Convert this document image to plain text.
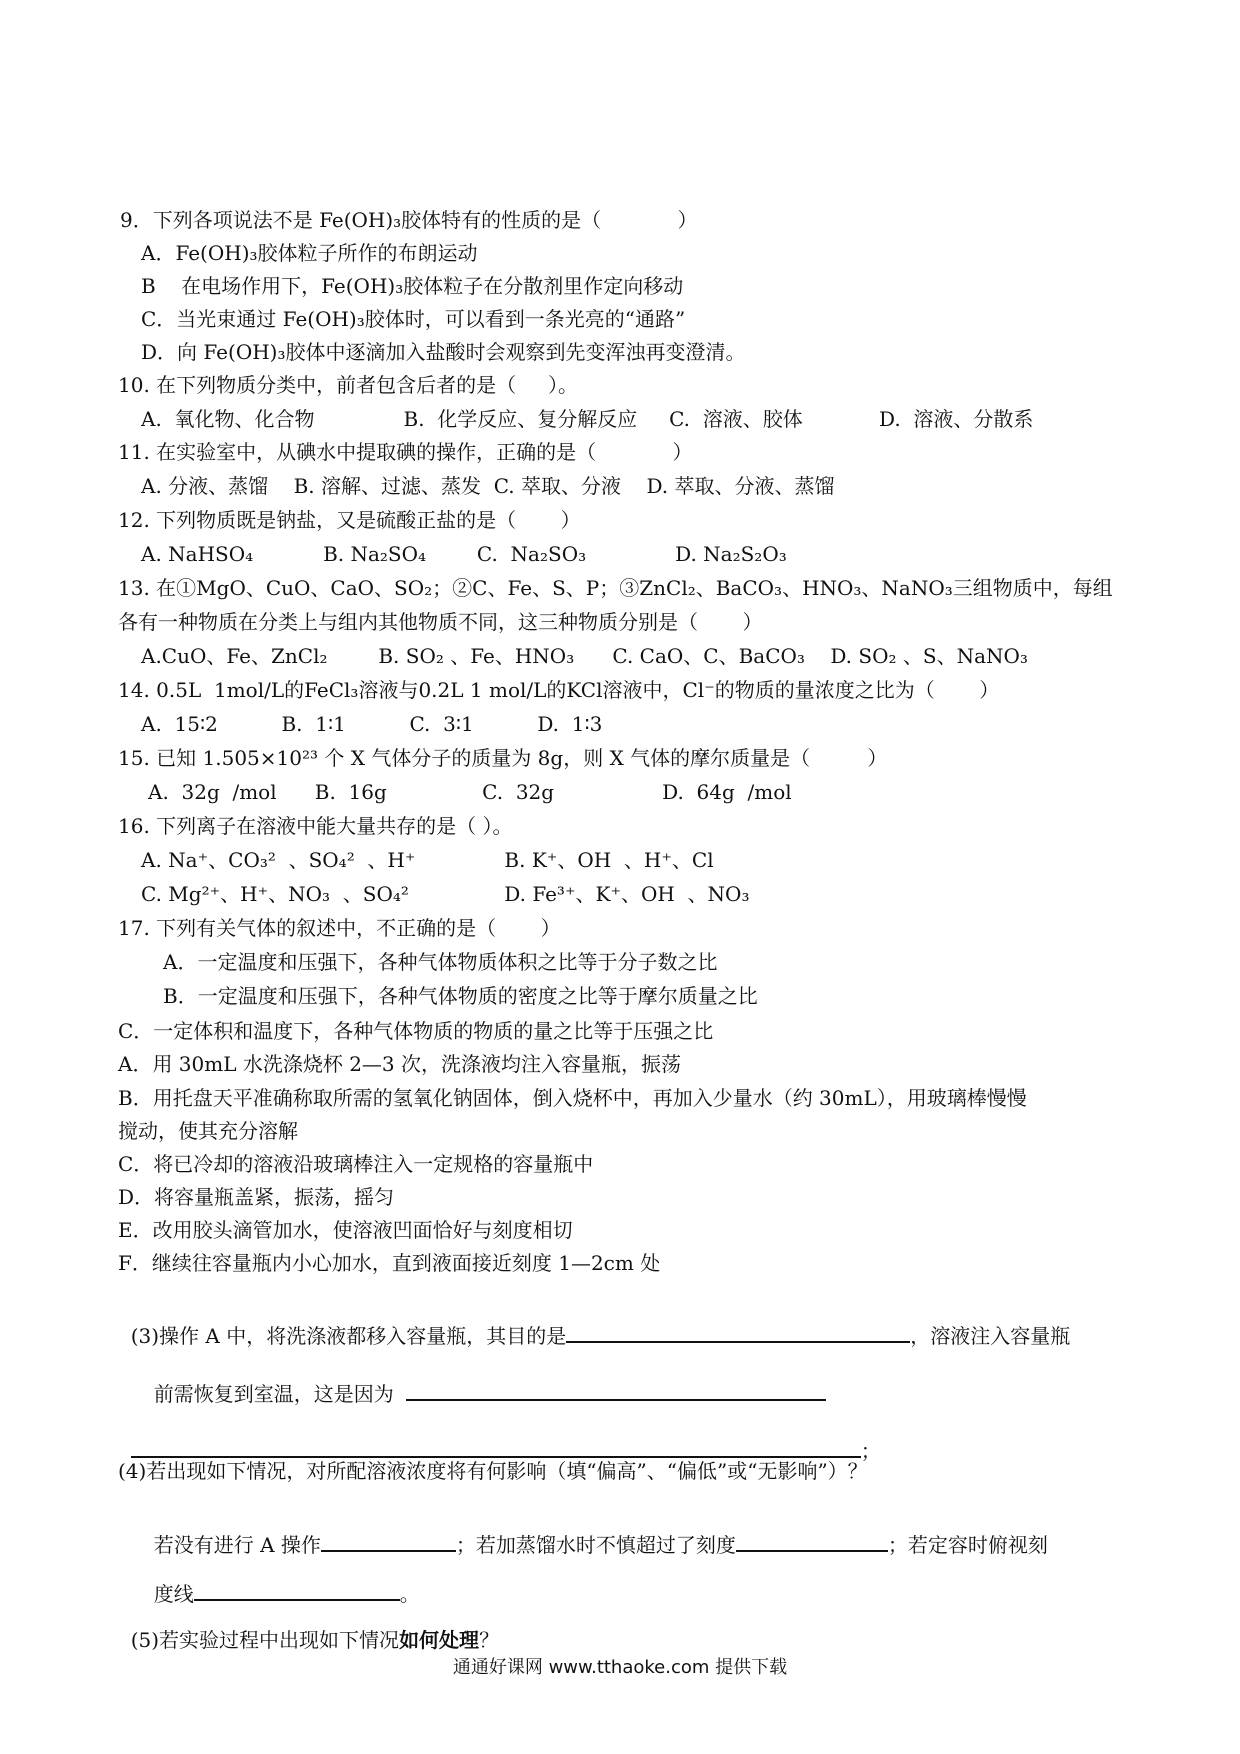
9．下列各项说法不是 Fe(OH)₃胶体特有的性质的是（            ）
A．Fe(OH)₃胶体粒子所作的布朗运动
B    在电场作用下，Fe(OH)₃胶体粒子在分散剂里作定向移动
C．当光束通过 Fe(OH)₃胶体时，可以看到一条光亮的“通路”
D．向 Fe(OH)₃胶体中逐滴加入盐酸时会观察到先变浑浊再变澄清。
10. 在下列物质分类中，前者包含后者的是（     ）。
A.  氧化物、化合物              B.  化学反应、复分解反应     C.  溶液、胶体            D.  溶液、分散系
11. 在实验室中，从碘水中提取碘的操作，正确的是（            ）
A. 分液、蒸馏    B. 溶解、过滤、蒸发  C. 萃取、分液    D. 萃取、分液、蒸馏
12. 下列物质既是钠盐，又是硫酸正盐的是（       ）
A. NaHSO₄           B. Na₂SO₄        C.  Na₂SO₃              D. Na₂S₂O₃
13. 在①MgO、CuO、CaO、SO₂；②C、Fe、S、P；③ZnCl₂、BaCO₃、HNO₃、NaNO₃三组物质中，每组
各有一种物质在分类上与组内其他物质不同，这三种物质分别是（       ）
A.CuO、Fe、ZnCl₂        B. SO₂ 、Fe、HNO₃      C. CaO、C、BaCO₃    D. SO₂ 、S、NaNO₃
14. 0.5L  1mol/L的FeCl₃溶液与0.2L 1 mol/L的KCl溶液中，Cl⁻的物质的量浓度之比为（       ）
A.  15∶2          B.  1∶1          C.  3∶1          D.  1∶3
15. 已知 1.505×10²³ 个 X 气体分子的质量为 8g，则 X 气体的摩尔质量是（         ）
A.  32g  /mol      B.  16g               C.  32g                 D.  64g  /mol
16. 下列离子在溶液中能大量共存的是（ ）。
A. Na⁺、CO₃²  、SO₄²  、H⁺              B. K⁺、OH  、H⁺、Cl
C. Mg²⁺、H⁺、NO₃  、SO₄²               D. Fe³⁺、K⁺、OH  、NO₃
17. 下列有关气体的叙述中，不正确的是（       ）
A．一定温度和压强下，各种气体物质体积之比等于分子数之比
B．一定温度和压强下，各种气体物质的密度之比等于摩尔质量之比
C．一定体积和温度下，各种气体物质的物质的量之比等于压强之比
A．用 30mL 水洗涤烧杯 2—3 次，洗涤液均注入容量瓶，振荡
B．用托盘天平准确称取所需的氢氧化钠固体，倒入烧杯中，再加入少量水（约 30mL），用玻璃棒慢慢
搅动，使其充分溶解
C．将已冷却的溶液沿玻璃棒注入一定规格的容量瓶中
D．将容量瓶盖紧，振荡，摇匀
E．改用胶头滴管加水，使溶液凹面恰好与刻度相切
F．继续往容量瓶内小心加水，直到液面接近刻度 1—2cm 处

(3)操作 A 中，将洗涤液都移入容量瓶，其目的是	，溶液注入容量瓶

前需恢复到室温，这是因为

；

(4)若出现如下情况，对所配溶液浓度将有何影响（填“偏高”、“偏低”或“无影响”）？

若没有进行 A 操作	；若加蒸馏水时不慎超过了刻度	；若定容时俯视刻

度线	。

(5)若实验过程中出现如下情况如何处理？

通通好课网 www.tthaoke.com 提供下载
